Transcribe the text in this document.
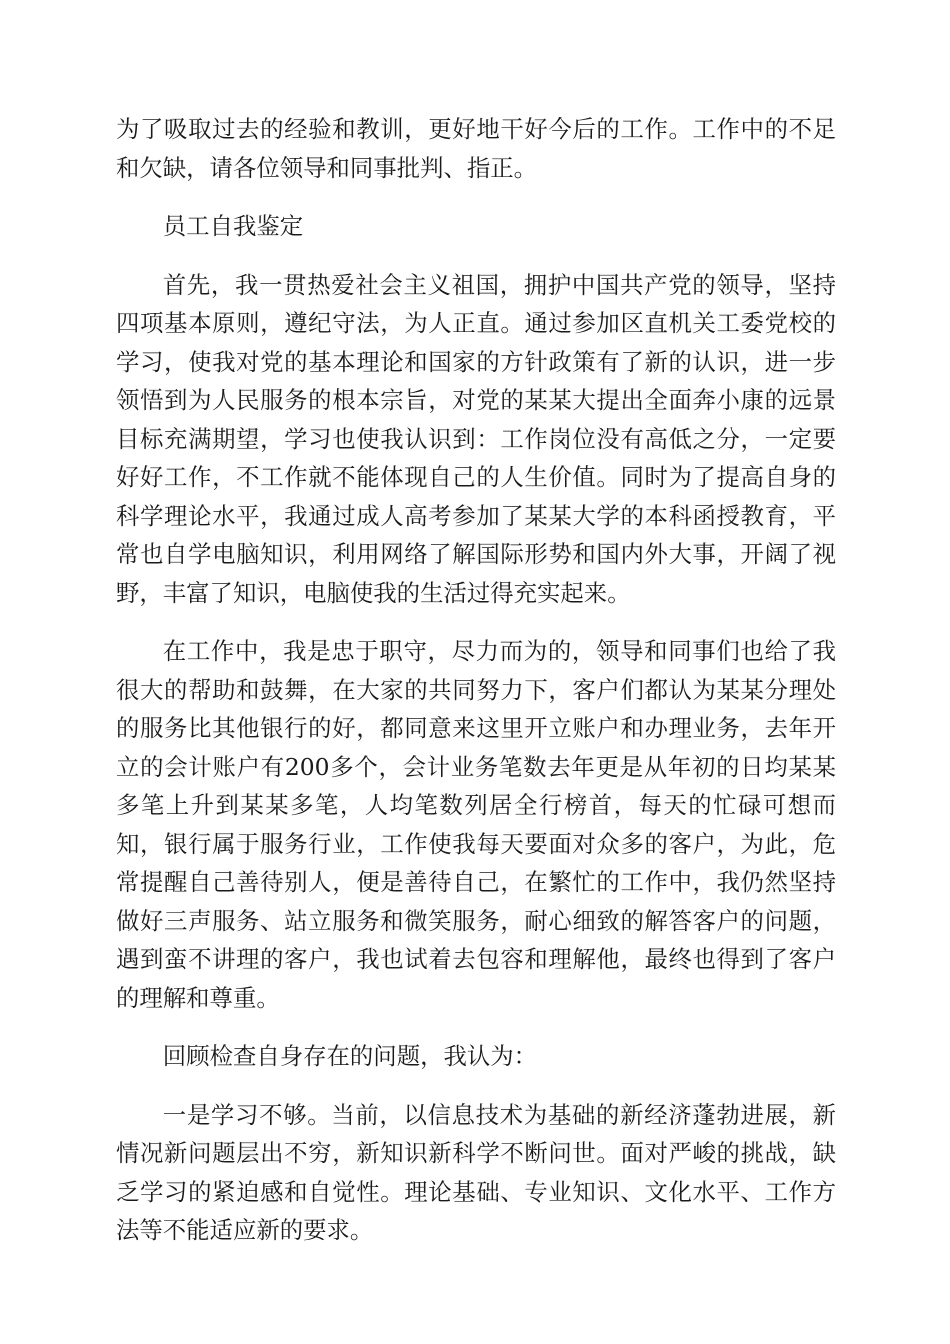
为了吸取过去的经验和教训，更好地干好今后的工作。工作中的不足和欠缺，请各位领导和同事批判、指正。

员工自我鉴定

首先，我一贯热爱社会主义祖国，拥护中国共产党的领导，坚持四项基本原则，遵纪守法，为人正直。通过参加区直机关工委党校的学习，使我对党的基本理论和国家的方针政策有了新的认识，进一步领悟到为人民服务的根本宗旨，对党的某某大提出全面奔小康的远景目标充满期望，学习也使我认识到：工作岗位没有高低之分，一定要好好工作，不工作就不能体现自己的人生价值。同时为了提高自身的科学理论水平，我通过成人高考参加了某某大学的本科函授教育，平常也自学电脑知识，利用网络了解国际形势和国内外大事，开阔了视野，丰富了知识，电脑使我的生活过得充实起来。

在工作中，我是忠于职守，尽力而为的，领导和同事们也给了我很大的帮助和鼓舞，在大家的共同努力下，客户们都认为某某分理处的服务比其他银行的好，都同意来这里开立账户和办理业务，去年开立的会计账户有200多个，会计业务笔数去年更是从年初的日均某某多笔上升到某某多笔，人均笔数列居全行榜首，每天的忙碌可想而知，银行属于服务行业，工作使我每天要面对众多的客户，为此，危常提醒自己善待别人，便是善待自己，在繁忙的工作中，我仍然坚持做好三声服务、站立服务和微笑服务，耐心细致的解答客户的问题，遇到蛮不讲理的客户，我也试着去包容和理解他，最终也得到了客户的理解和尊重。

回顾检查自身存在的问题，我认为：

一是学习不够。当前，以信息技术为基础的新经济蓬勃进展，新情况新问题层出不穷，新知识新科学不断问世。面对严峻的挑战，缺乏学习的紧迫感和自觉性。理论基础、专业知识、文化水平、工作方法等不能适应新的要求。
